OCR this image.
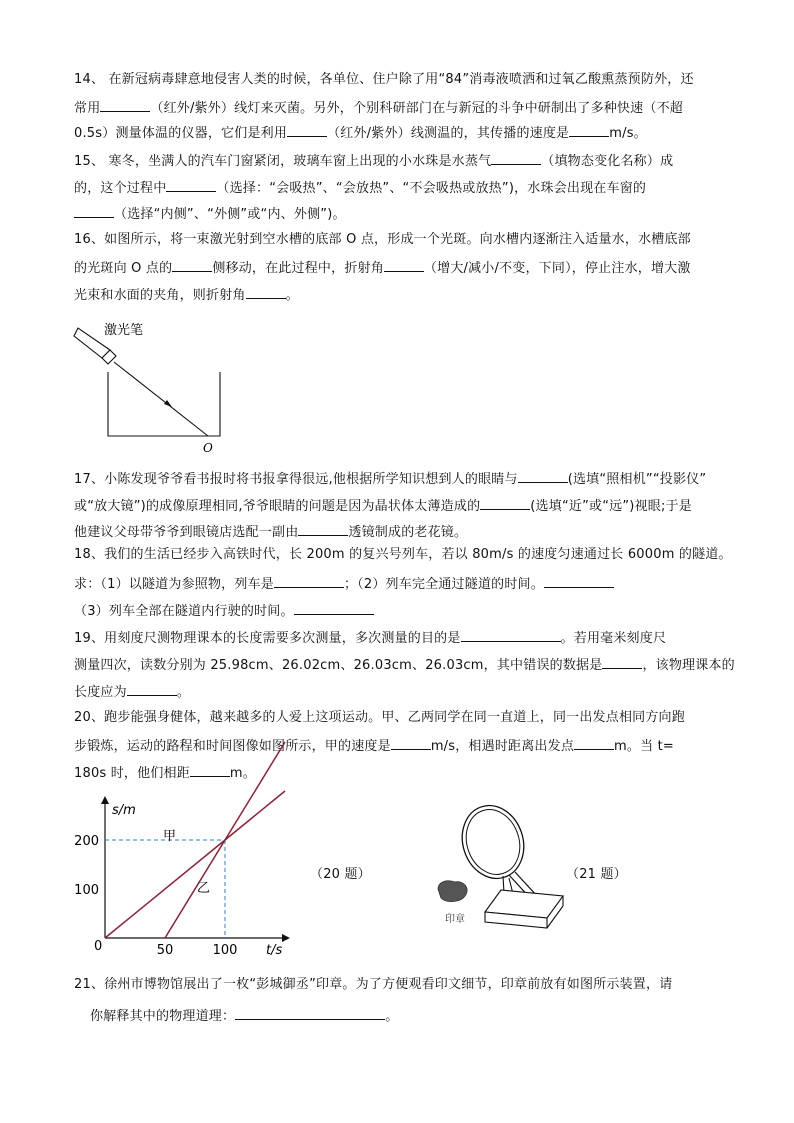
14、 在新冠病毒肆意地侵害人类的时候，各单位、住户除了用“84”消毒液喷洒和过氧乙酸熏蒸预防外，还
常用	（红外/紫外）线灯来灭菌。另外，个别科研部门在与新冠的斗争中研制出了多种快速（不超
0.5s）测量体温的仪器，它们是利用	（红外/紫外）线测温的，其传播的速度是	m/s。
15、 寒冬，坐满人的汽车门窗紧闭，玻璃车窗上出现的小水珠是水蒸气	（填物态变化名称）成
的，这个过程中	（选择：“会吸热”、“会放热”、“不会吸热或放热”)，水珠会出现在车窗的
（选择“内侧”、“外侧”或“内、外侧”)。
16、如图所示，将一束激光射到空水槽的底部 O 点，形成一个光斑。向水槽内逐渐注入适量水，水槽底部
的光斑向 O 点的	侧移动，在此过程中，折射角	（增大/减小/不变，下同），停止注水，增大激
光束和水面的夹角，则折射角	。
激光笔
O
17、小陈发现爷爷看书报时将书报拿得很远,他根据所学知识想到人的眼睛与	(选填“照相机”“投影仪”
或“放大镜”)的成像原理相同,爷爷眼睛的问题是因为晶状体太薄造成的	(选填“近”或“远”)视眼;于是
他建议父母带爷爷到眼镜店选配一副由	透镜制成的老花镜。
18、我们的生活已经步入高铁时代，长 200m 的复兴号列车，若以 80m/s 的速度匀速通过长 6000m 的隧道。
求：（1）以隧道为参照物，列车是	；（2）列车完全通过隧道的时间。
（3）列车全部在隧道内行驶的时间。
19、用刻度尺测物理课本的长度需要多次测量，多次测量的目的是	。若用毫米刻度尺
测量四次，读数分别为 25.98cm、26.02cm、26.03cm、26.03cm，其中错误的数据是	，该物理课本的
长度应为	。
20、跑步能强身健体，越来越多的人爱上这项运动。甲、乙两同学在同一直道上，同一出发点相同方向跑
步锻炼，运动的路程和时间图像如图所示，甲的速度是	m/s，相遇时距离出发点	m。当 t=
180s 时，他们相距	m。
s/m
t/s
0
100
200
50	100
甲
乙
（20 题）
印章
（21 题）
21、徐州市博物馆展出了一枚“彭城御丞”印章。为了方便观看印文细节，印章前放有如图所示装置，请
你解释其中的物理道理：	。
